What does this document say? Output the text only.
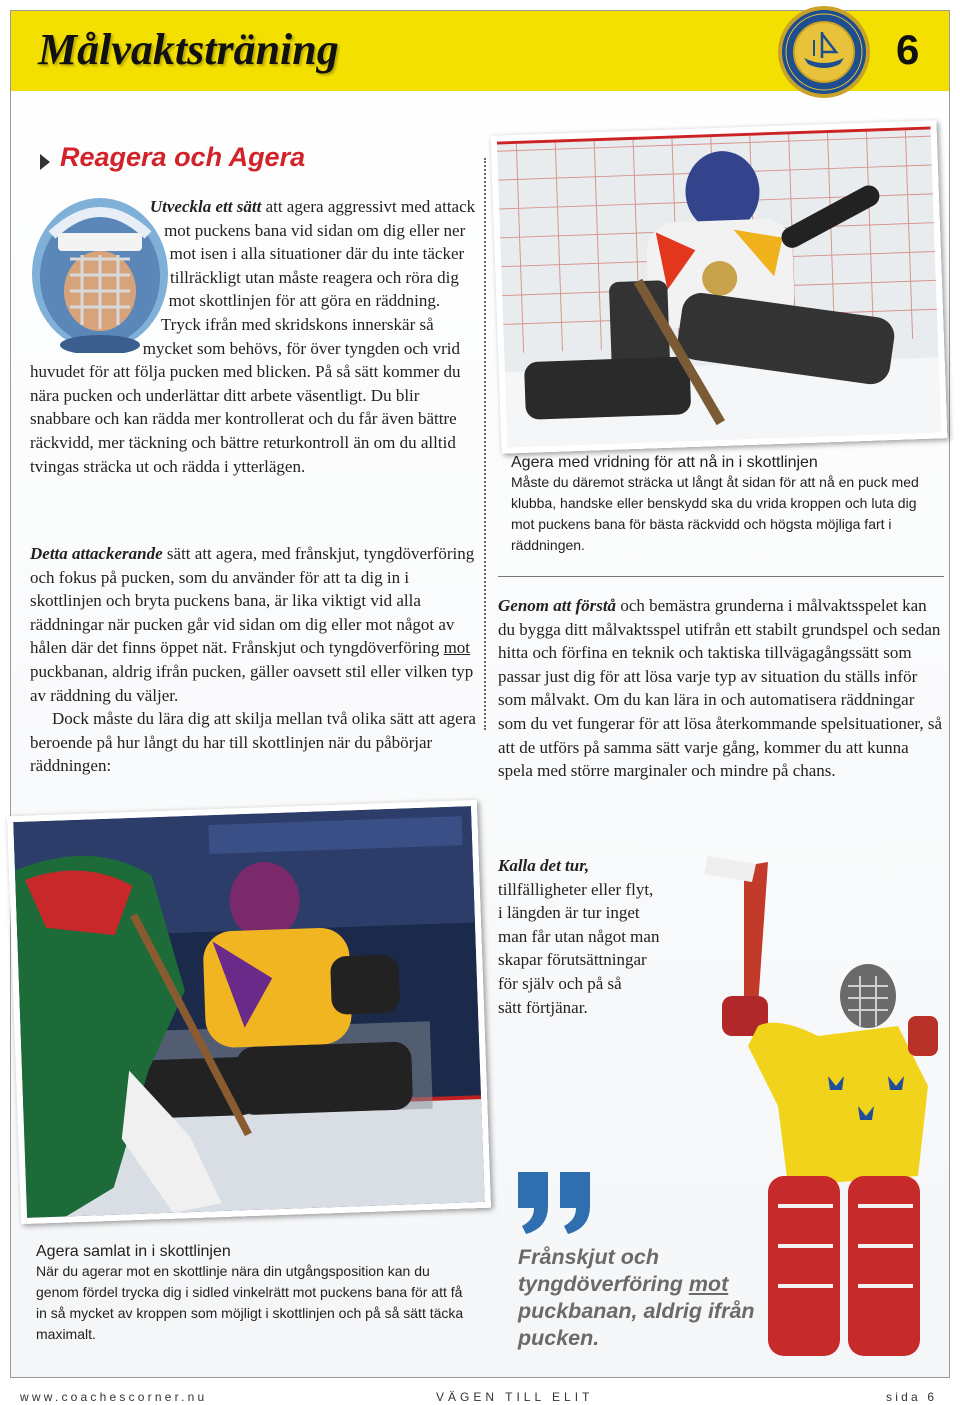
Målvaktsträning	6
Reagera och Agera
Utveckla ett sätt att agera aggressivt med attack mot puckens bana vid sidan om dig eller ner mot isen i alla situationer där du inte täcker tillräckligt utan måste reagera och röra dig mot skottlinjen för att göra en räddning. Tryck ifrån med skridskons innerskär så mycket som behövs, för över tyngden och vrid huvudet för att följa pucken med blicken. På så sätt kommer du nära pucken och underlättar ditt arbete väsentligt. Du blir snabbare och kan rädda mer kontrollerat och du får även bättre räckvidd, mer täckning och bättre returkontroll än om du alltid tvingas sträcka ut och rädda i ytterlägen.
Detta attackerande sätt att agera, med frånskjut, tyngdöverföring och fokus på pucken, som du använder för att ta dig in i skottlinjen och bryta puckens bana, är lika viktigt vid alla räddningar när pucken går vid sidan om dig eller mot något av hålen där det finns öppet nät. Frånskjut och tyngdöverföring mot puckbanan, aldrig ifrån pucken, gäller oavsett stil eller vilken typ av räddning du väljer.
Dock måste du lära dig att skilja mellan två olika sätt att agera beroende på hur långt du har till skottlinjen när du påbörjar räddningen:
Agera med vridning för att nå in i skottlinjen
Måste du däremot sträcka ut långt åt sidan för att nå en puck med klubba, handske eller benskydd ska du vrida kroppen och luta dig mot puckens bana för bästa räckvidd och högsta möjliga fart i räddningen.
Genom att förstå och bemästra grunderna i målvaktsspelet kan du bygga ditt målvaktsspel utifrån ett stabilt grundspel och sedan hitta och förfina en teknik och taktiska tillvägagångssätt som passar just dig för att lösa varje typ av situation du ställs inför som målvakt. Om du kan lära in och automatisera räddningar som du vet fungerar för att lösa återkommande spelsituationer, så att de utförs på samma sätt varje gång, kommer du att kunna spela med större marginaler och mindre på chans.
Kalla det tur,
tillfälligheter eller flyt,
i längden är tur inget
man får utan något man
skapar förutsättningar
för själv och på så
sätt förtjänar.
Agera samlat in i skottlinjen
När du agerar mot en skottlinje nära din utgångsposition kan du genom fördel trycka dig i sidled vinkelrätt mot puckens bana för att få in så mycket av kroppen som möjligt i skottlinjen och på så sätt täcka maximalt.
Frånskjut och tyngdöverföring mot puckbanan, aldrig ifrån pucken.
www.coachescorner.nu	VÄGEN TILL ELIT	sida 6
